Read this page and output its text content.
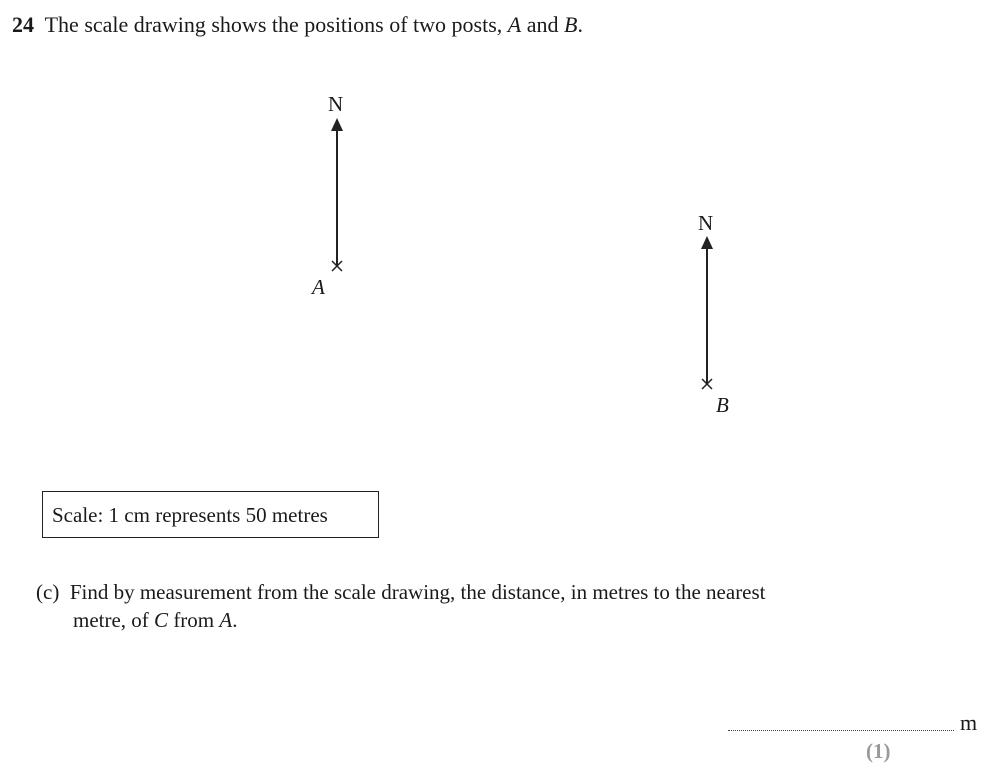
24 The scale drawing shows the positions of two posts, A and B.
N
A
N
B
Scale: 1 cm represents 50 metres
(c) Find by measurement from the scale drawing, the distance, in metres to the nearest
metre, of C from A.
m
(1)
